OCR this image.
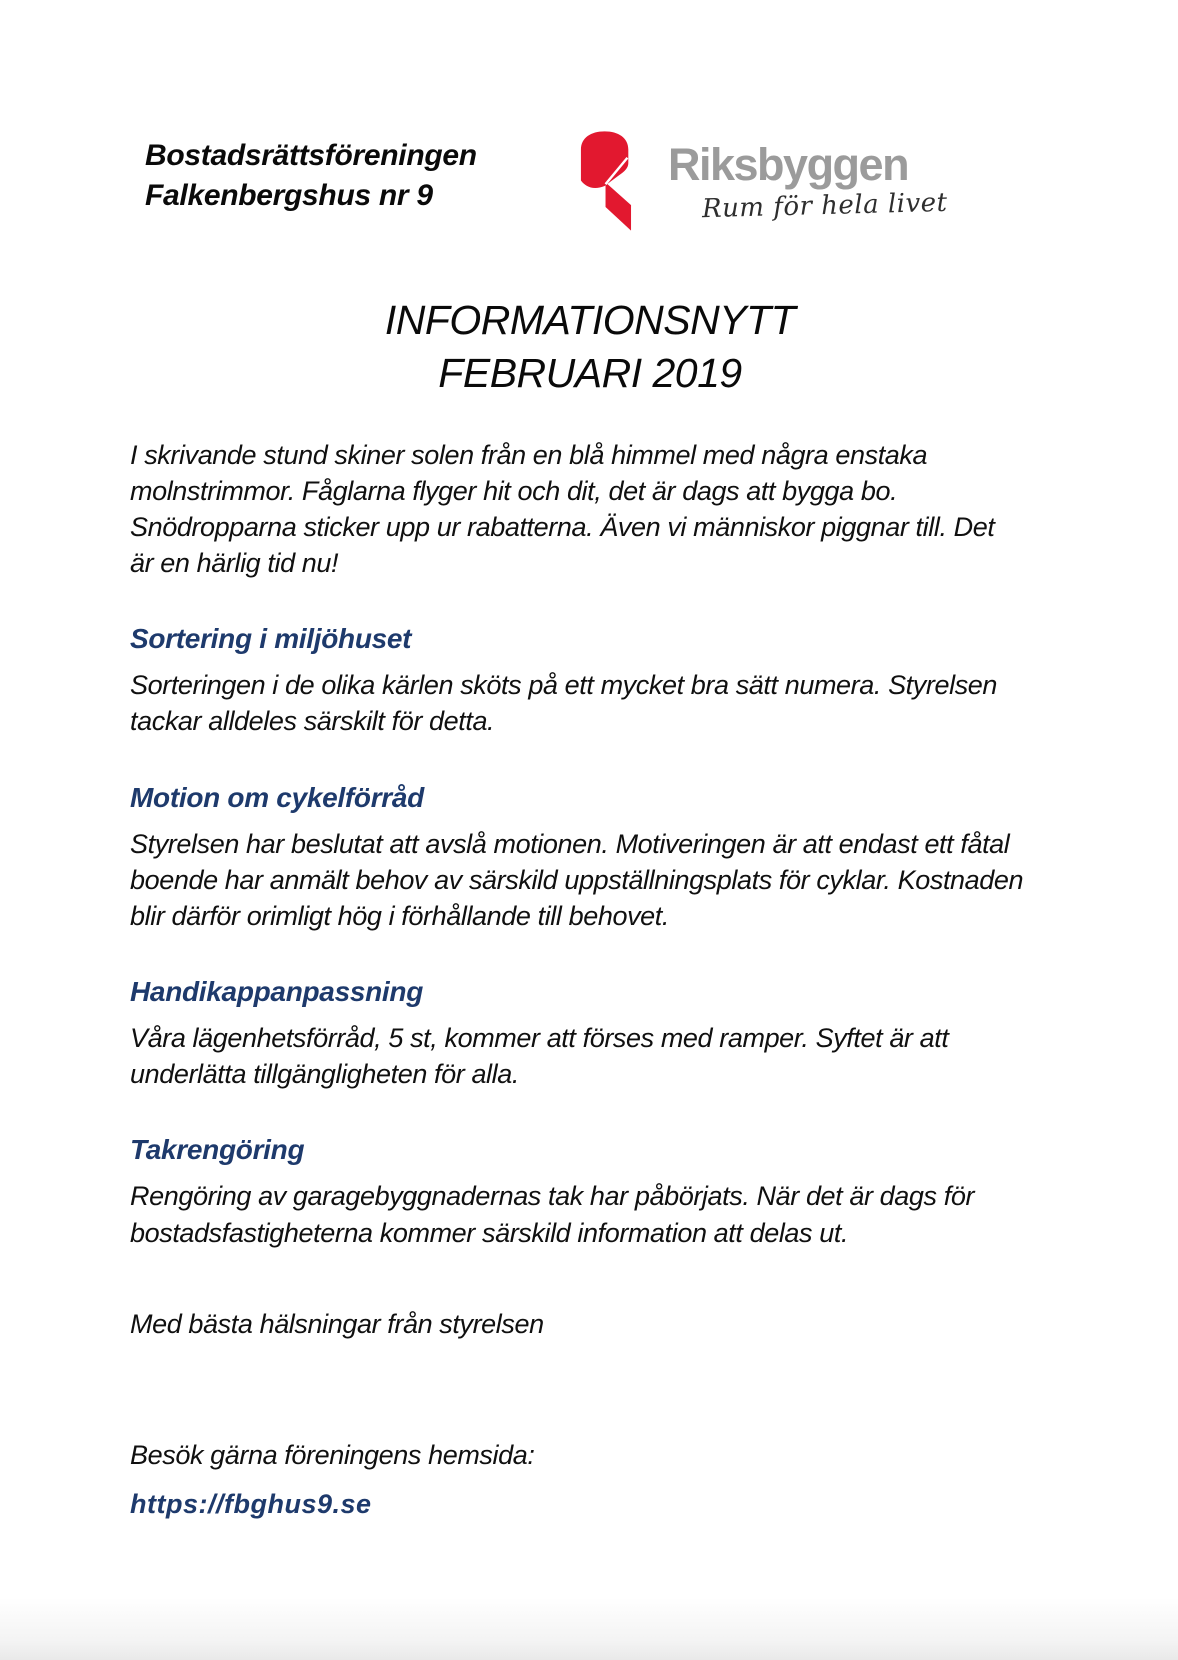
Bostadsrättsföreningen
Falkenbergshus nr 9
Riksbyggen
Rum för hela livet
INFORMATIONSNYTT
FEBRUARI 2019

I skrivande stund skiner solen från en blå himmel med några enstaka molnstrimmor. Fåglarna flyger hit och dit, det är dags att bygga bo. Snödropparna sticker upp ur rabatterna. Även vi människor piggnar till. Det är en härlig tid nu!

Sortering i miljöhuset

Sorteringen i de olika kärlen sköts på ett mycket bra sätt numera. Styrelsen tackar alldeles särskilt för detta.

Motion om cykelförråd

Styrelsen har beslutat att avslå motionen. Motiveringen är att endast ett fåtal boende har anmält behov av särskild uppställningsplats för cyklar. Kostnaden blir därför orimligt hög i förhållande till behovet.

Handikappanpassning

Våra lägenhetsförråd, 5 st, kommer att förses med ramper. Syftet är att underlätta tillgängligheten för alla.

Takrengöring

Rengöring av garagebyggnadernas tak har påbörjats. När det är dags för bostadsfastigheterna kommer särskild information att delas ut.

Med bästa hälsningar från styrelsen

Besök gärna föreningens hemsida:

https://fbghus9.se
